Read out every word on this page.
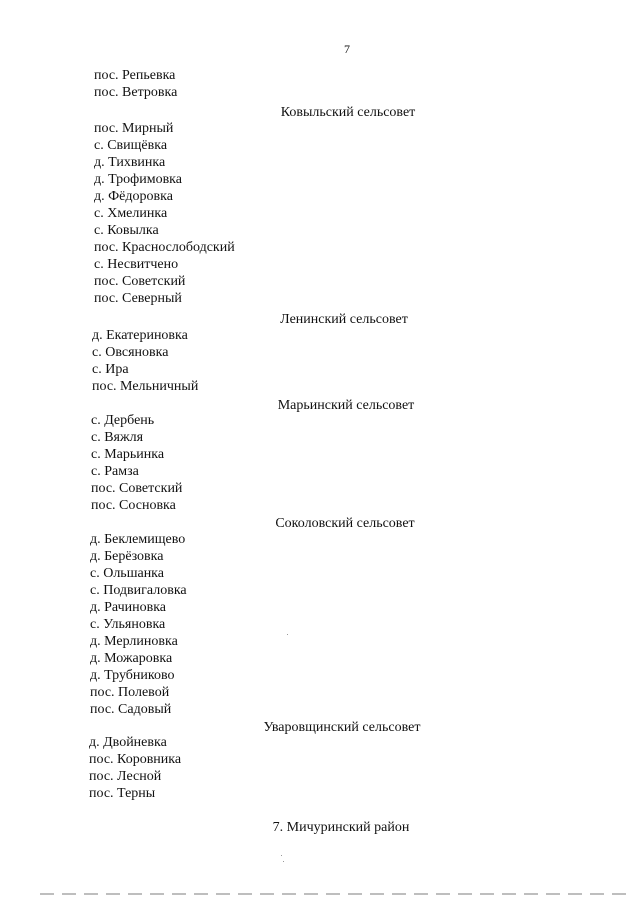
7
пос. Репьевка
пос. Ветровка
Ковыльский сельсовет
пос. Мирный
с. Свищёвка
д. Тихвинка
д. Трофимовка
д. Фёдоровка
с. Хмелинка
с. Ковылка
пос. Краснослободский
с. Несвитчено
пос. Советский
пос. Северный
Ленинский сельсовет
д. Екатериновка
с. Овсяновка
с. Ира
пос. Мельничный
Марьинский сельсовет
с. Дербень
с. Вяжля
с. Марьинка
с. Рамза
пос. Советский
пос. Сосновка
Соколовский сельсовет
д. Беклемищево
д. Берёзовка
с. Ольшанка
с. Подвигаловка
д. Рачиновка
с. Ульяновка
д. Мерлиновка
д. Можаровка
д. Трубниково
пос. Полевой
пос. Садовый
Уваровщинский сельсовет
д. Двойневка
пос. Коровника
пос. Лесной
пос. Терны
7. Мичуринский район
